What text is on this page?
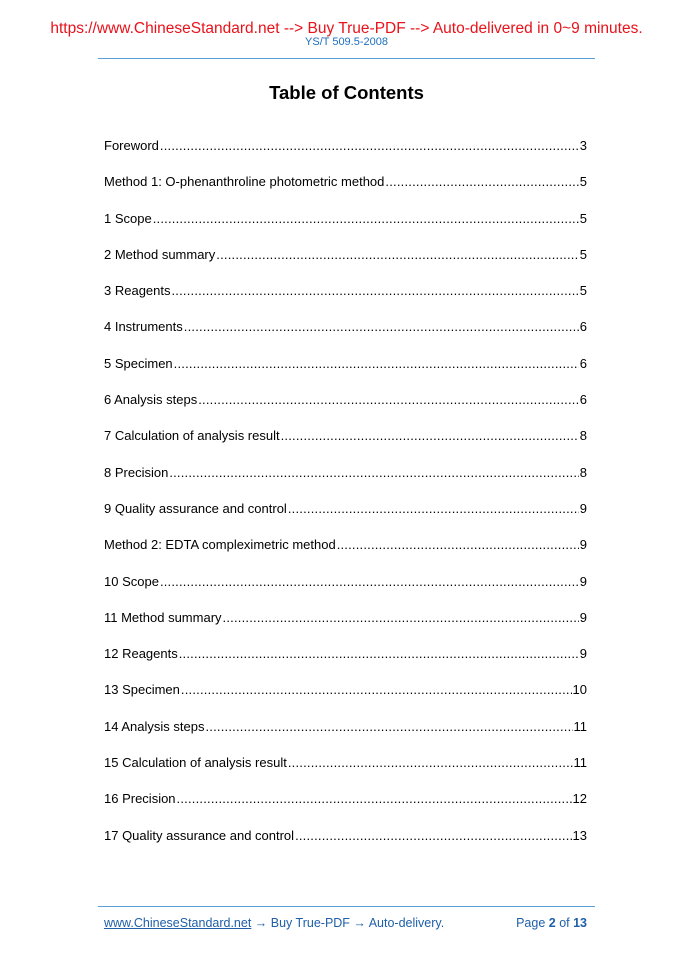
https://www.ChineseStandard.net --> Buy True-PDF --> Auto-delivered in 0~9 minutes.
YS/T 509.5-2008
Table of Contents
Foreword .....	3
Method 1: O-phenanthroline photometric method .....	5
1 Scope .....	5
2 Method summary .....	5
3 Reagents .....	5
4 Instruments .....	6
5 Specimen .....	6
6 Analysis steps .....	6
7 Calculation of analysis result .....	8
8 Precision .....	8
9 Quality assurance and control .....	9
Method 2: EDTA compleximetric method .....	9
10 Scope .....	9
11 Method summary .....	9
12 Reagents .....	9
13 Specimen .....	10
14 Analysis steps .....	11
15 Calculation of analysis result .....	11
16 Precision .....	12
17 Quality assurance and control .....	13
www.ChineseStandard.net → Buy True-PDF → Auto-delivery.	Page 2 of 13
